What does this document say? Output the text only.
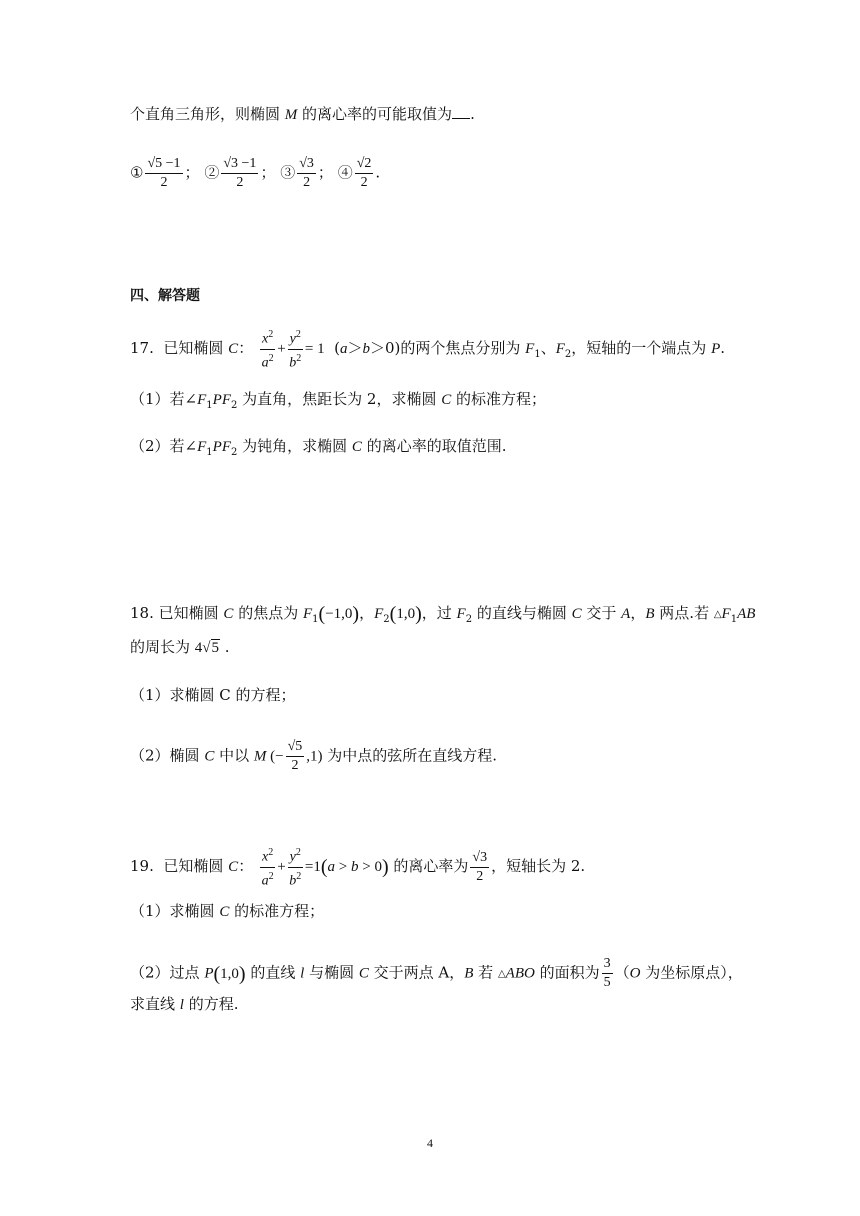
个直角三角形，则椭圆 M 的离心率的可能取值为 .
① $\frac{√5 -1}{2}$ ； ② $\frac{√3 -1}{2}$ ； ③ $\frac{√3}{2}$ ； ④ $\frac{√2}{2}$ .
四、解答题
17.  已知椭圆 C： $\frac{x^2}{a^2} + \frac{y^2}{b^2} = 1$  (a＞b＞0)的两个焦点分别为 $F_1$、$F_2$，短轴的一个端点为 P.
（1）若$\angle F_1PF_2$ 为直角，焦距长为 2，求椭圆 C 的标准方程；
（2）若$\angle F_1PF_2$ 为钝角，求椭圆 C 的离心率的取值范围.
18. 已知椭圆 C 的焦点为 $F_1(-1,0)$，$F_2(1,0)$，过 $F_2$ 的直线与椭圆 C 交于 A，B 两点.若 $\triangle F_1AB$
的周长为 4√5 .
（1）求椭圆 C 的方程；
（2）椭圆 C 中以 M (− $\frac{√5}{2} ,1$) 为中点的弦所在直线方程.
19.  已知椭圆 C： $\frac{x^2}{a^2} + \frac{y^2}{b^2} =1(a > b > 0)$ 的离心率为 $\frac{√3}{2}$ ，短轴长为 2.
（1）求椭圆 C 的标准方程；
（2）过点 P(1,0) 的直线 l 与椭圆 C 交于两点 A，B 若 △ABO 的面积为 $\frac{3}{5} (O$ 为坐标原点），
求直线 l 的方程.
4
